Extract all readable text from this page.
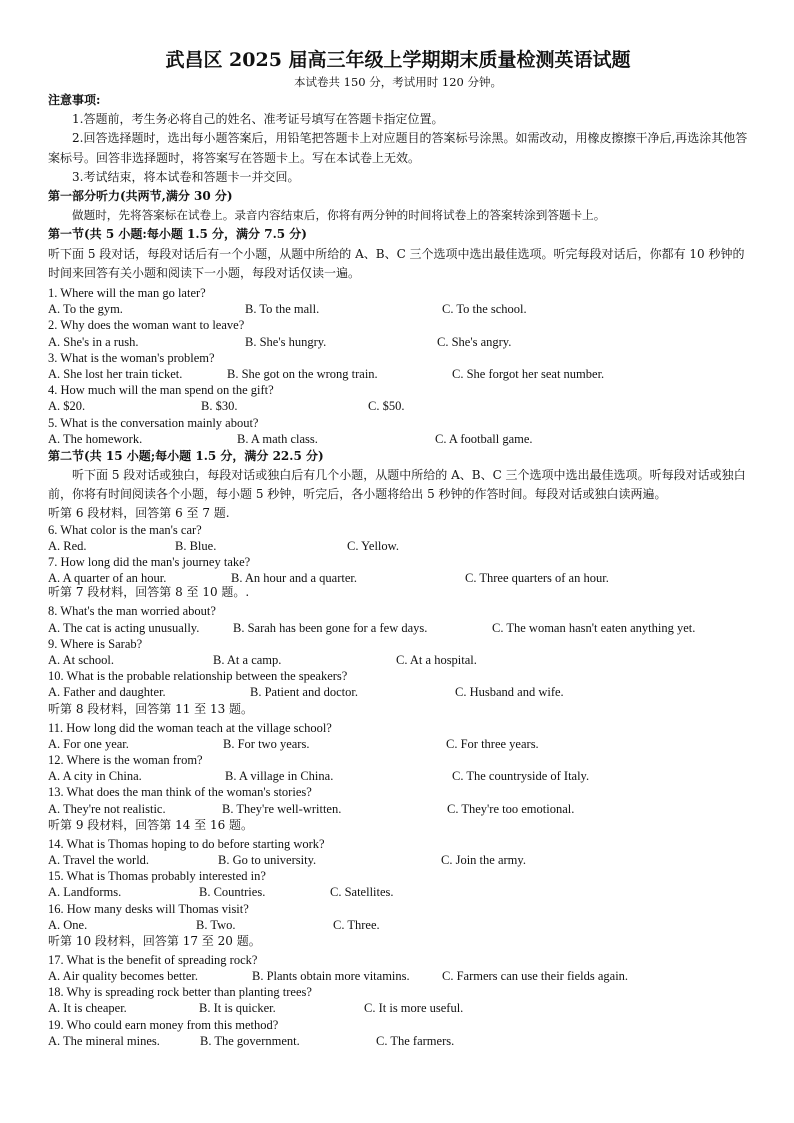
武昌区 2025 届高三年级上学期期末质量检测英语试题
本试卷共 150 分，考试用时 120 分钟。
注意事项:
1.答题前，考生务必将自己的姓名、准考证号填写在答题卡指定位置。
2.回答选择题时，选出每小题答案后，用铅笔把答题卡上对应题目的答案标号涂黑。如需改动，用橡皮擦擦干净后,再选涂其他答案标号。回答非选择题时，将答案写在答题卡上。写在本试卷上无效。
3.考试结束，将本试卷和答题卡一并交回。
第一部分听力(共两节,满分 30 分)
做题时，先将答案标在试卷上。录音内容结束后，你将有两分钟的时间将试卷上的答案转涂到答题卡上。
第一节(共 5 小题:每小题 1.5 分，满分 7.5 分)
听下面 5 段对话，每段对话后有一个小题，从题中所给的 A、B、C 三个选项中选出最佳选项。听完每段对话后，你都有 10 秒钟的时间来回答有关小题和阅读下一小题，每段对话仅读一遍。
1. Where will the man go later?
A. To the gym.	B. To the mall.	C. To the school.
2. Why does the woman want to leave?
A. She's in a rush.	B. She's hungry.	C. She's angry.
3. What is the woman's problem?
A. She lost her train ticket.	B. She got on the wrong train.	C. She forgot her seat number.
4. How much will the man spend on the gift?
A. $20.	B. $30.	C. $50.
5. What is the conversation mainly about?
A. The homework.	B. A math class.	C. A football game.
第二节(共 15 小题;每小题 1.5 分，满分 22.5 分)
听下面 5 段对话或独白，每段对话或独白后有几个小题，从题中所给的 A、B、C 三个选项中选出最佳选项。听每段对话或独白前，你将有时间阅读各个小题，每小题 5 秒钟，听完后，各小题将给出 5 秒钟的作答时间。每段对话或独白读两遍。
听第 6 段材料，回答第 6 至 7 题.
6. What color is the man's car?
A. Red.	B. Blue.	C. Yellow.
7. How long did the man's journey take?
A. A quarter of an hour.	B. An hour and a quarter.	C. Three quarters of an hour.
听第 7 段材料，回答第 8 至 10 题。.
8. What's the man worried about?
A. The cat is acting unusually.	B. Sarah has been gone for a few days.	C. The woman hasn't eaten anything yet.
9. Where is Sarab?
A. At school.	B. At a camp.	C. At a hospital.
10. What is the probable relationship between the speakers?
A. Father and daughter.	B. Patient and doctor.	C. Husband and wife.
听第 8 段材料，回答第 11 至 13 题。
11. How long did the woman teach at the village school?
A. For one year.	B. For two years.	C. For three years.
12. Where is the woman from?
A. A city in China.	B. A village in China.	C. The countryside of Italy.
13. What does the man think of the woman's stories?
A. They're not realistic.	B. They're well-written.	C. They're too emotional.
听第 9 段材料，回答第 14 至 16 题。
14. What is Thomas hoping to do before starting work?
A. Travel the world.	B. Go to university.	C. Join the army.
15. What is Thomas probably interested in?
A. Landforms.	B. Countries.	C. Satellites.
16. How many desks will Thomas visit?
A. One.	B. Two.	C. Three.
听第 10 段材料，回答第 17 至 20 题。
17. What is the benefit of spreading rock?
A. Air quality becomes better.	B. Plants obtain more vitamins.	C. Farmers can use their fields again.
18. Why is spreading rock better than planting trees?
A. It is cheaper.	B. It is quicker.	C. It is more useful.
19. Who could earn money from this method?
A. The mineral mines.	B. The government.	C. The farmers.
